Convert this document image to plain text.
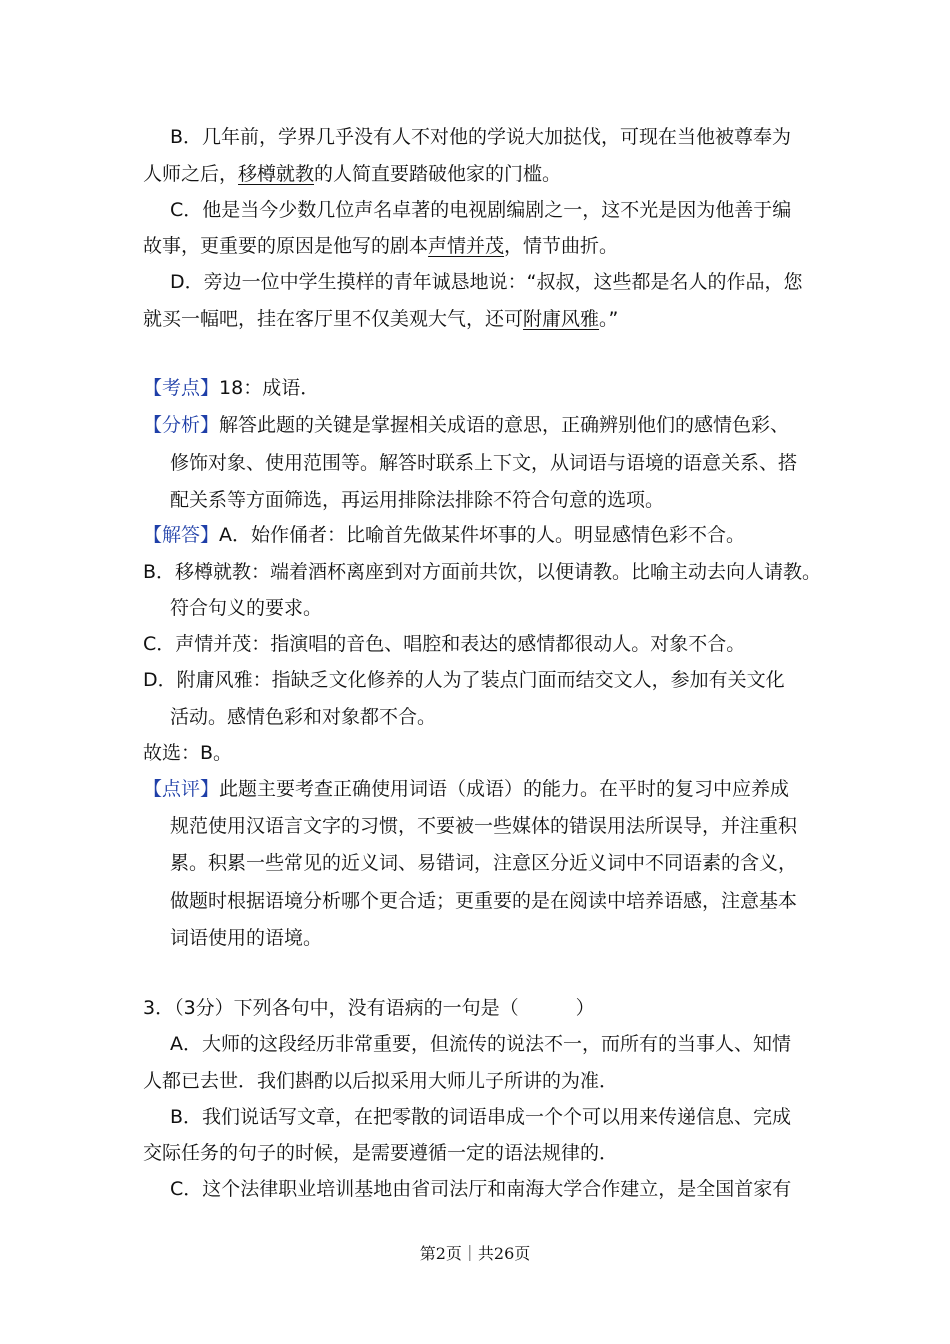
B．几年前，学界几乎没有人不对他的学说大加挞伐，可现在当他被尊奉为
人师之后，移樽就教的人简直要踏破他家的门槛。
C．他是当今少数几位声名卓著的电视剧编剧之一，这不光是因为他善于编
故事，更重要的原因是他写的剧本声情并茂，情节曲折。
D．旁边一位中学生摸样的青年诚恳地说：“叔叔，这些都是名人的作品，您
就买一幅吧，挂在客厅里不仅美观大气，还可附庸风雅。”
【考点】18：成语．
【分析】解答此题的关键是掌握相关成语的意思，正确辨别他们的感情色彩、
修饰对象、使用范围等。解答时联系上下文，从词语与语境的语意关系、搭
配关系等方面筛选，再运用排除法排除不符合句意的选项。
【解答】A．始作俑者：比喻首先做某件坏事的人。明显感情色彩不合。
B．移樽就教：端着酒杯离座到对方面前共饮，以便请教。比喻主动去向人请教。
符合句义的要求。
C．声情并茂：指演唱的音色、唱腔和表达的感情都很动人。对象不合。
D．附庸风雅：指缺乏文化修养的人为了装点门面而结交文人，参加有关文化
活动。感情色彩和对象都不合。
故选：B。
【点评】此题主要考查正确使用词语（成语）的能力。在平时的复习中应养成
规范使用汉语言文字的习惯，不要被一些媒体的错误用法所误导，并注重积
累。积累一些常见的近义词、易错词，注意区分近义词中不同语素的含义，
做题时根据语境分析哪个更合适；更重要的是在阅读中培养语感，注意基本
词语使用的语境。
3．（3分）下列各句中，没有语病的一句是（　　　）
A．大师的这段经历非常重要，但流传的说法不一，而所有的当事人、知情
人都已去世．我们斟酌以后拟采用大师儿子所讲的为准．
B．我们说话写文章，在把零散的词语串成一个个可以用来传递信息、完成
交际任务的句子的时候，是需要遵循一定的语法规律的．
C．这个法律职业培训基地由省司法厅和南海大学合作建立，是全国首家有
第2页｜共26页
